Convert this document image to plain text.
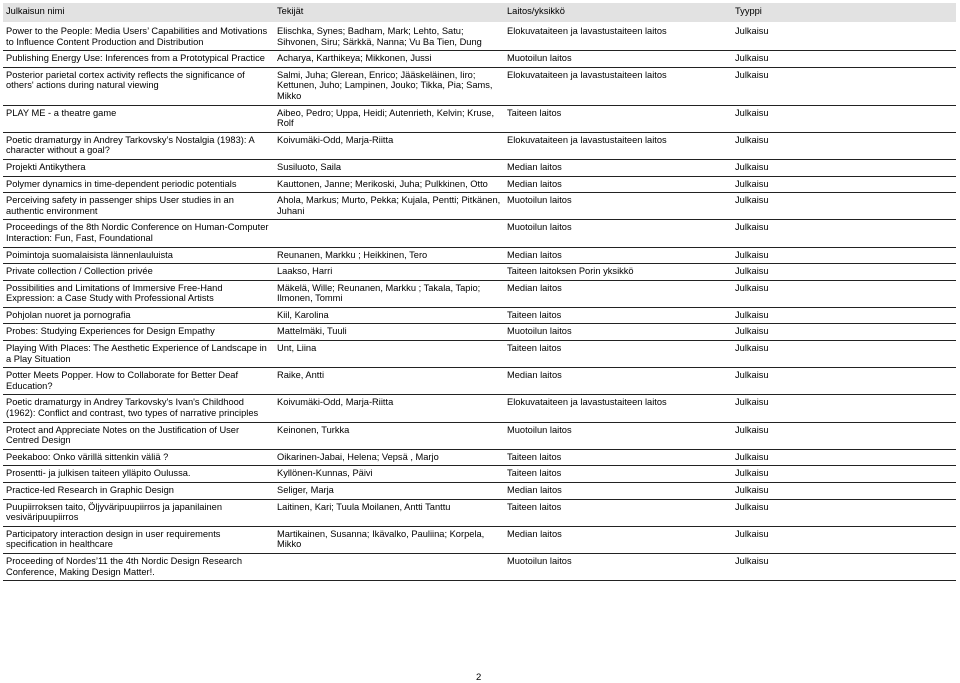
Julkaisun nimi	Tekijät	Laitos/yksikkö	Tyyppi

Power to the People: Media Users’ Capabilities and Motivations to Influence Content Production and Distribution	Elischka, Synes; Badham, Mark; Lehto, Satu; Sihvonen, Siru; Särkkä, Nanna; Vu Ba Tien, Dung	Elokuvataiteen ja lavastustaiteen laitos	Julkaisu
Publishing Energy Use: Inferences from a Prototypical Practice	Acharya, Karthikeya; Mikkonen, Jussi	Muotoilun laitos	Julkaisu
Posterior parietal cortex activity reflects the significance of others' actions during natural viewing	Salmi, Juha; Glerean, Enrico; Jääskeläinen, Iiro; Kettunen, Juho; Lampinen, Jouko; Tikka, Pia; Sams, Mikko	Elokuvataiteen ja lavastustaiteen laitos	Julkaisu
PLAY ME - a theatre game	Aibeo, Pedro; Uppa, Heidi; Autenrieth, Kelvin; Kruse, Rolf	Taiteen laitos	Julkaisu
Poetic dramaturgy in Andrey Tarkovsky’s Nostalgia (1983): A character without a goal?	Koivumäki-Odd, Marja-Riitta	Elokuvataiteen ja lavastustaiteen laitos	Julkaisu
Projekti Antikythera	Susiluoto, Saila	Median laitos	Julkaisu
Polymer dynamics in time-dependent periodic potentials	Kauttonen, Janne; Merikoski, Juha; Pulkkinen, Otto	Median laitos	Julkaisu
Perceiving safety in passenger ships User studies in an authentic environment	Ahola, Markus; Murto, Pekka; Kujala, Pentti; Pitkänen, Juhani	Muotoilun laitos	Julkaisu
Proceedings of the 8th Nordic Conference on Human-Computer Interaction: Fun, Fast, Foundational		Muotoilun laitos	Julkaisu
Poimintoja suomalaisista lännenlauluista	Reunanen, Markku ; Heikkinen, Tero	Median laitos	Julkaisu
Private collection / Collection privée	Laakso, Harri	Taiteen laitoksen Porin yksikkö	Julkaisu
Possibilities and Limitations of Immersive Free-Hand Expression: a Case Study with Professional Artists	Mäkelä, Wille; Reunanen, Markku ; Takala, Tapio; Ilmonen, Tommi	Median laitos	Julkaisu
Pohjolan nuoret ja pornografia	Kiil, Karolina	Taiteen laitos	Julkaisu
Probes: Studying Experiences for Design Empathy	Mattelmäki, Tuuli	Muotoilun laitos	Julkaisu
Playing With Places: The Aesthetic Experience of Landscape in a Play Situation	Unt, Liina	Taiteen laitos	Julkaisu
Potter Meets Popper. How to Collaborate for Better Deaf Education?	Raike, Antti	Median laitos	Julkaisu
Poetic dramaturgy in Andrey Tarkovsky's Ivan's Childhood (1962): Conflict and contrast, two types of narrative principles	Koivumäki-Odd, Marja-Riitta	Elokuvataiteen ja lavastustaiteen laitos	Julkaisu
Protect and Appreciate Notes on the Justification of User Centred Design	Keinonen, Turkka	Muotoilun laitos	Julkaisu
Peekaboo: Onko värillä sittenkin väliä ?	Oikarinen-Jabai, Helena; Vepsä , Marjo	Taiteen laitos	Julkaisu
Prosentti- ja julkisen taiteen ylläpito Oulussa.	Kyllönen-Kunnas, Päivi	Taiteen laitos	Julkaisu
Practice-led Research in Graphic Design	Seliger, Marja	Median laitos	Julkaisu
Puupiirroksen taito, Öljyväripuupiirros ja japanilainen vesiväripuupiirros	Laitinen, Kari; Tuula Moilanen, Antti Tanttu	Taiteen laitos	Julkaisu
Participatory interaction design in user requirements specification in healthcare	Martikainen, Susanna; Ikävalko, Pauliina; Korpela, Mikko	Median laitos	Julkaisu
Proceeding of Nordes’11 the 4th Nordic Design Research Conference, Making Design Matter!.		Muotoilun laitos	Julkaisu
2
